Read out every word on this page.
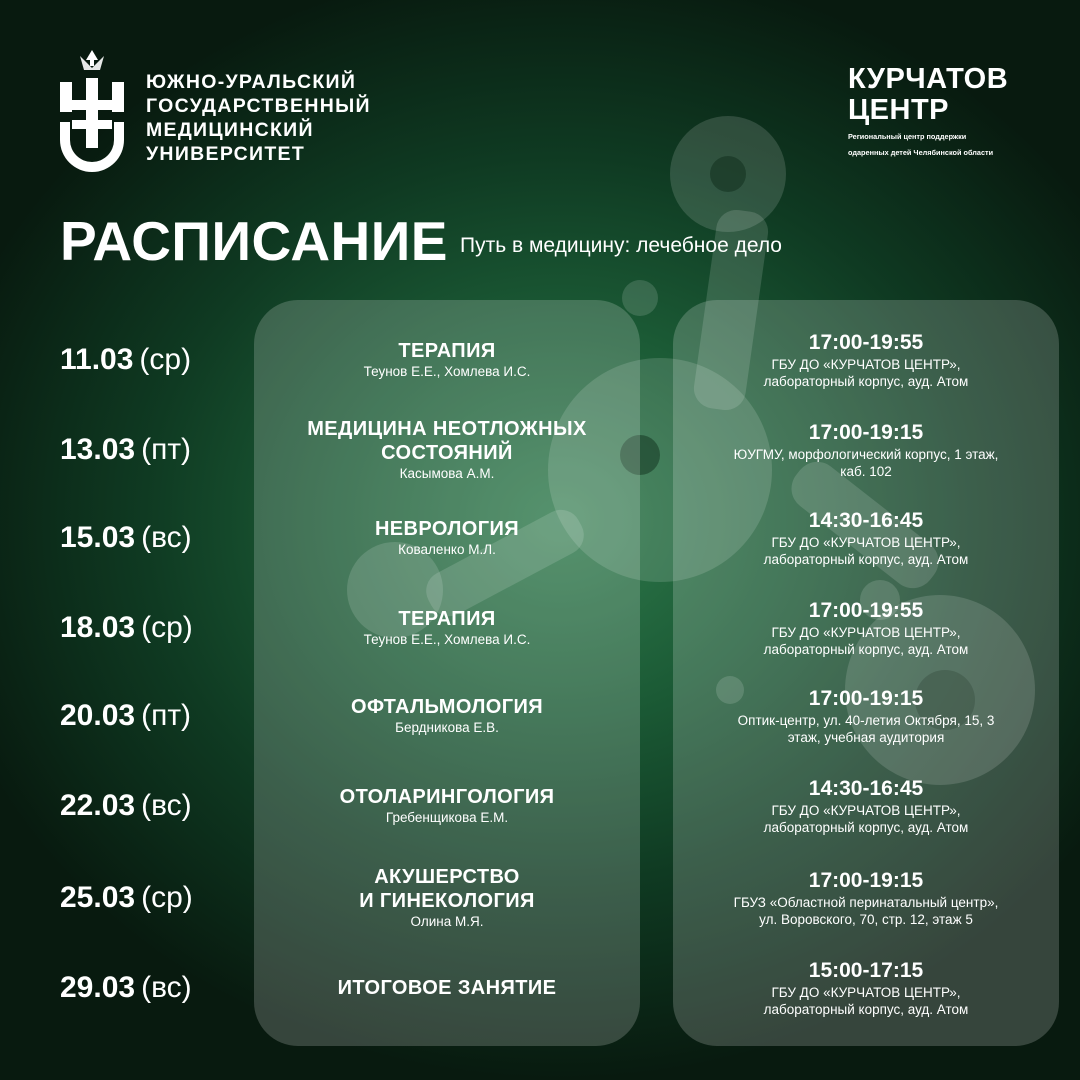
ЮЖНО-УРАЛЬСКИЙ
ГОСУДАРСТВЕННЫЙ
МЕДИЦИНСКИЙ
УНИВЕРСИТЕТ
КУРЧАТОВ
ЦЕНТР
Региональный центр поддержки
одаренных детей Челябинской области
РАСПИСАНИЕ Путь в медицину: лечебное дело
11.03 (ср)	ТЕРАПИЯ
Теунов Е.Е., Хомлева И.С.
17:00-19:55
ГБУ ДО «КУРЧАТОВ ЦЕНТР»,
лабораторный корпус, ауд. Атом
13.03 (пт)
МЕДИЦИНА НЕОТЛОЖНЫХ
СОСТОЯНИЙ
Касымова А.М.
17:00-19:15
ЮУГМУ, морфологический корпус, 1 этаж,
каб. 102
15.03 (вс)	НЕВРОЛОГИЯ
Коваленко М.Л.
14:30-16:45
ГБУ ДО «КУРЧАТОВ ЦЕНТР»,
лабораторный корпус, ауд. Атом
18.03 (ср)	ТЕРАПИЯ
Теунов Е.Е., Хомлева И.С.
17:00-19:55
ГБУ ДО «КУРЧАТОВ ЦЕНТР»,
лабораторный корпус, ауд. Атом
20.03 (пт)	ОФТАЛЬМОЛОГИЯ
Бердникова Е.В.
17:00-19:15
Оптик-центр, ул. 40-летия Октября, 15, 3
этаж, учебная аудитория
22.03 (вс)	ОТОЛАРИНГОЛОГИЯ
Гребенщикова Е.М.
14:30-16:45
ГБУ ДО «КУРЧАТОВ ЦЕНТР»,
лабораторный корпус, ауд. Атом
25.03 (ср)
АКУШЕРСТВО
И ГИНЕКОЛОГИЯ
Олина М.Я.
17:00-19:15
ГБУЗ «Областной перинатальный центр»,
ул. Воровского, 70, стр. 12, этаж 5
29.03 (вс)	ИТОГОВОЕ ЗАНЯТИЕ
15:00-17:15
ГБУ ДО «КУРЧАТОВ ЦЕНТР»,
лабораторный корпус, ауд. Атом
